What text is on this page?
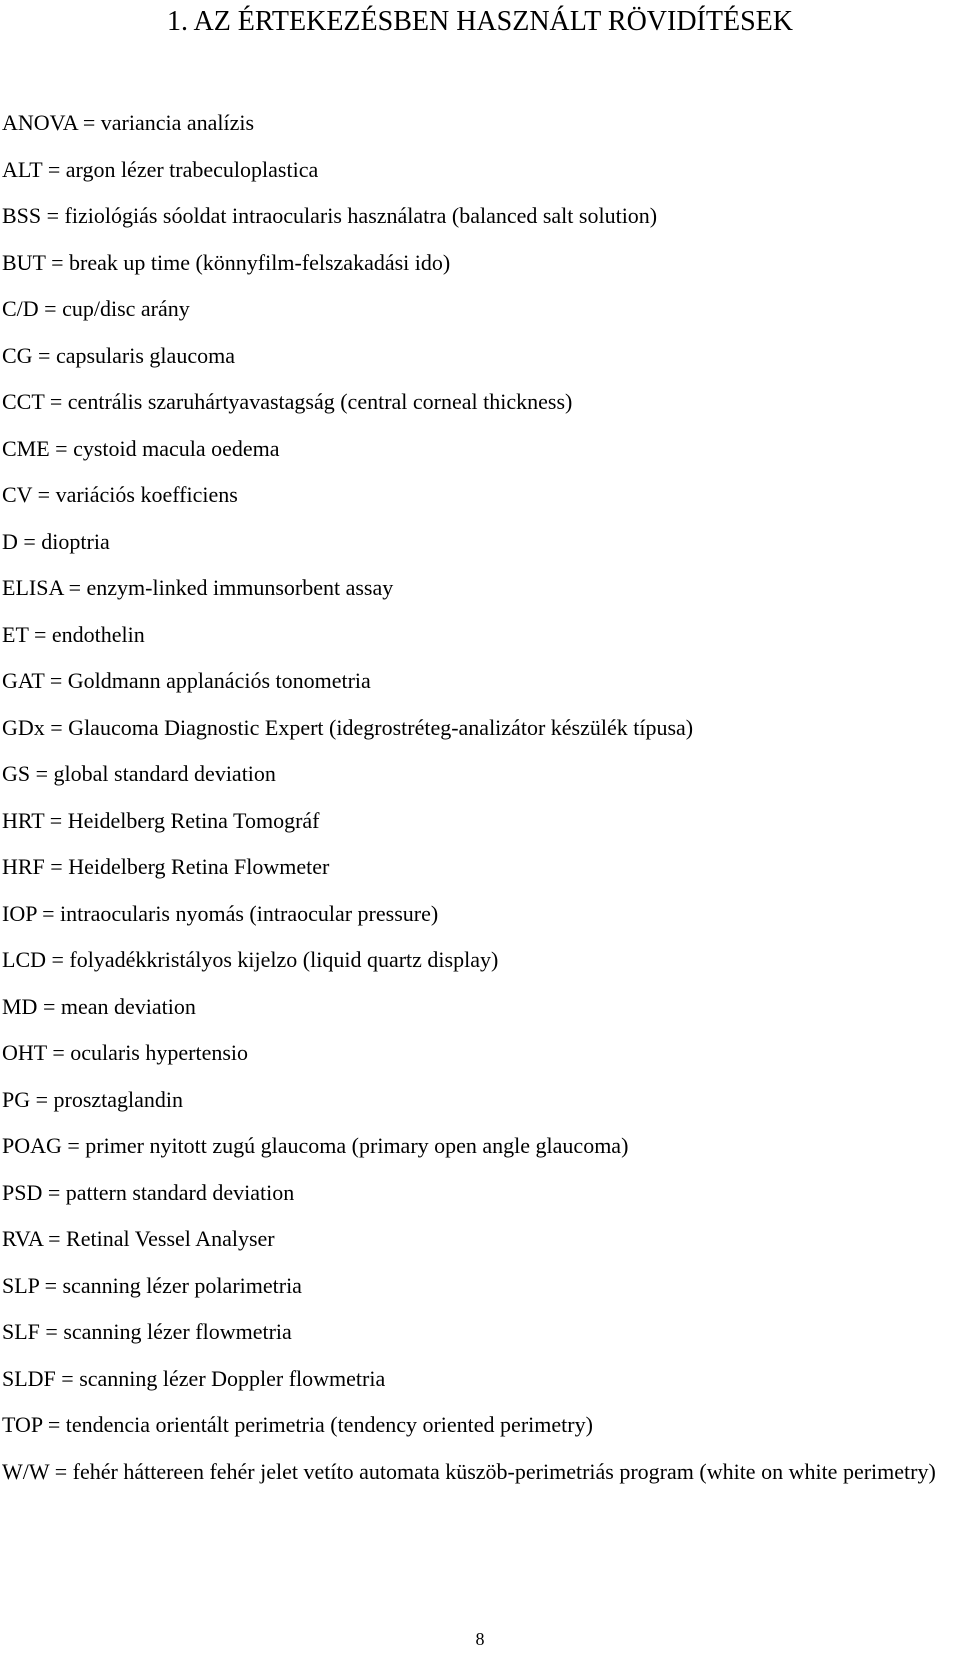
1. AZ ÉRTEKEZÉSBEN HASZNÁLT RÖVIDÍTÉSEK
ANOVA = variancia analízis
ALT = argon lézer trabeculoplastica
BSS = fiziológiás sóoldat intraocularis használatra (balanced salt solution)
BUT = break up time (könnyfilm-felszakadási ido)
C/D = cup/disc arány
CG = capsularis glaucoma
CCT = centrális szaruhártyavastagság (central corneal thickness)
CME = cystoid macula oedema
CV = variációs koefficiens
D = dioptria
ELISA = enzym-linked immunsorbent assay
ET = endothelin
GAT = Goldmann applanációs tonometria
GDx = Glaucoma Diagnostic Expert (idegrostréteg-analizátor készülék típusa)
GS = global standard deviation
HRT = Heidelberg Retina Tomográf
HRF = Heidelberg Retina Flowmeter
IOP = intraocularis nyomás (intraocular pressure)
LCD = folyadékkristályos kijelzo (liquid quartz display)
MD = mean deviation
OHT = ocularis hypertensio
PG = prosztaglandin
POAG = primer nyitott zugú glaucoma (primary open angle glaucoma)
PSD = pattern standard deviation
RVA = Retinal Vessel Analyser
SLP = scanning lézer polarimetria
SLF = scanning lézer flowmetria
SLDF = scanning lézer Doppler flowmetria
TOP = tendencia orientált perimetria (tendency oriented perimetry)
W/W = fehér háttereen fehér jelet vetíto automata küszöb-perimetriás program (white on white perimetry)
8
